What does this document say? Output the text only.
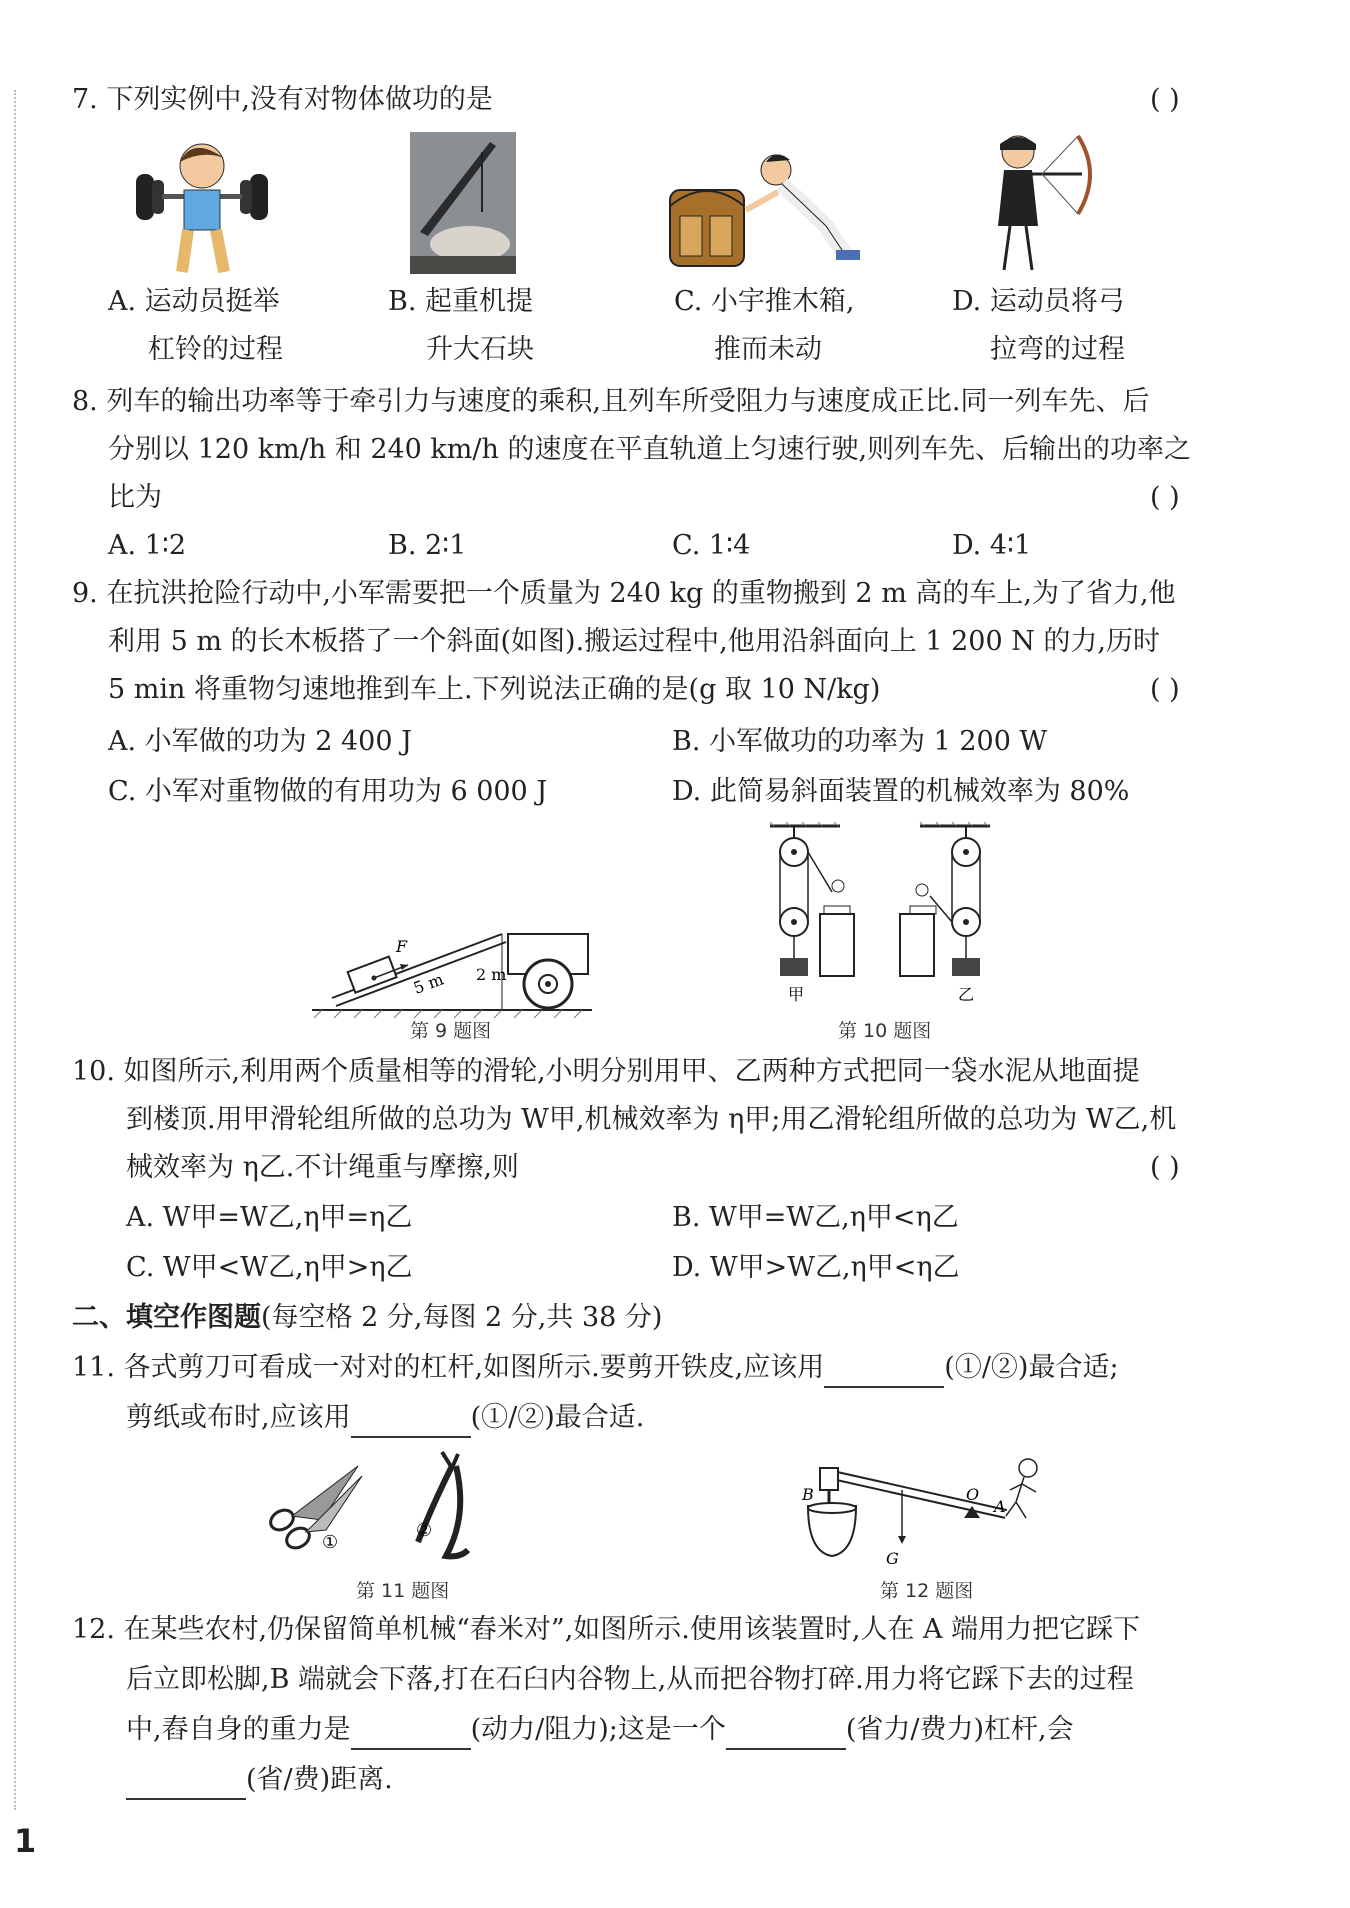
7. 下列实例中,没有对物体做功的是	( )
A. 运动员挺举
杠铃的过程
B. 起重机提
升大石块
C. 小宇推木箱,
推而未动
D. 运动员将弓
拉弯的过程
8. 列车的输出功率等于牵引力与速度的乘积,且列车所受阻力与速度成正比.同一列车先、后
分别以 120 km/h 和 240 km/h 的速度在平直轨道上匀速行驶,则列车先、后输出的功率之
比为	( )
A. 1∶2	B. 2∶1	C. 1∶4	D. 4∶1
9. 在抗洪抢险行动中,小军需要把一个质量为 240 kg 的重物搬到 2 m 高的车上,为了省力,他
利用 5 m 的长木板搭了一个斜面(如图).搬运过程中,他用沿斜面向上 1 200 N 的力,历时
5 min 将重物匀速地推到车上.下列说法正确的是(g 取 10 N/kg)	( )
A. 小军做的功为 2 400 J	B. 小军做功的功率为 1 200 W
C. 小军对重物做的有用功为 6 000 J	D. 此简易斜面装置的机械效率为 80%
F
5 m 2 m
第 9 题图
甲	乙
第 10 题图
10. 如图所示,利用两个质量相等的滑轮,小明分别用甲、乙两种方式把同一袋水泥从地面提
到楼顶.用甲滑轮组所做的总功为 W甲,机械效率为 η甲;用乙滑轮组所做的总功为 W乙,机
械效率为 η乙.不计绳重与摩擦,则	( )
A. W甲=W乙,η甲=η乙	B. W甲=W乙,η甲<η乙
C. W甲<W乙,η甲>η乙	D. W甲>W乙,η甲<η乙
二、填空作图题(每空格 2 分,每图 2 分,共 38 分)
11. 各式剪刀可看成一对对的杠杆,如图所示.要剪开铁皮,应该用	(①/②)最合适;
剪纸或布时,应该用	(①/②)最合适.
①
②
第 11 题图
B	O
A
G
第 12 题图
12. 在某些农村,仍保留简单机械“舂米对”,如图所示.使用该装置时,人在 A 端用力把它踩下
后立即松脚,B 端就会下落,打在石臼内谷物上,从而把谷物打碎.用力将它踩下去的过程
中,舂自身的重力是	(动力/阻力);这是一个	(省力/费力)杠杆,会
(省/费)距离.
1
